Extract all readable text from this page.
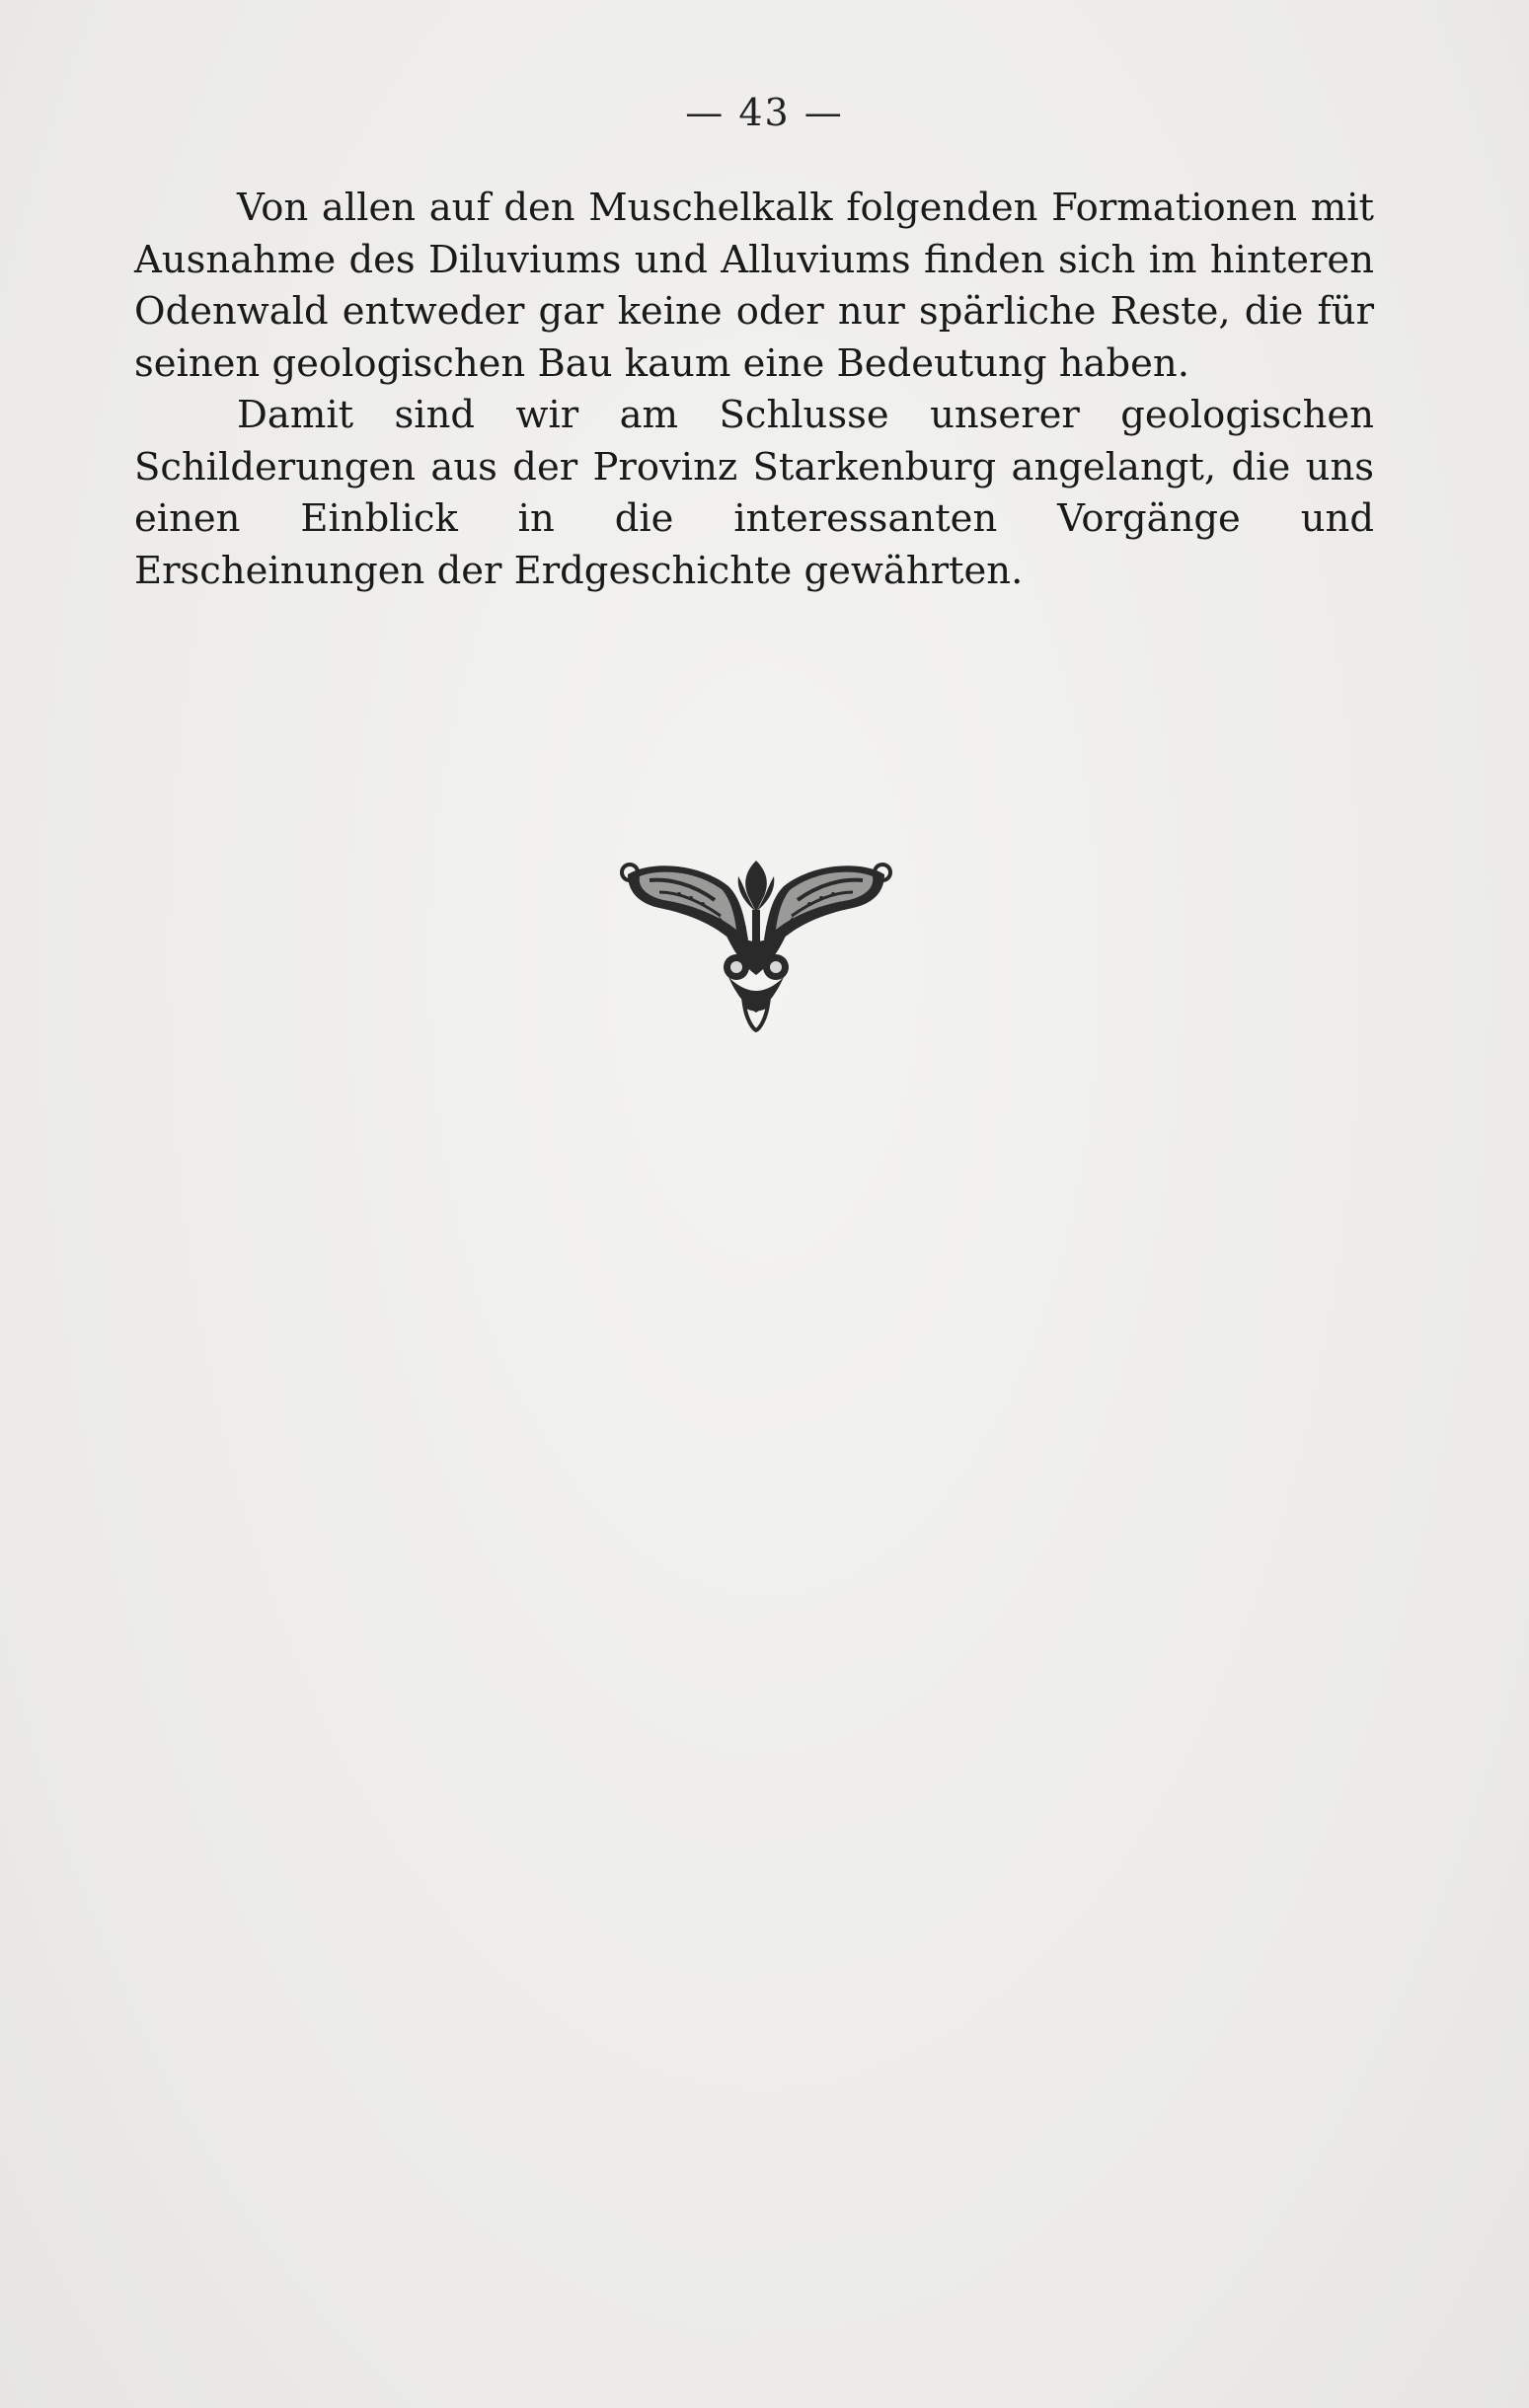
— 43 —

Von allen auf den Muschelkalk folgenden Formationen mit Ausnahme des Diluviums und Alluviums finden sich im hinteren Odenwald entweder gar keine oder nur spärliche Reste, die für seinen geologischen Bau kaum eine Bedeutung haben.

Damit sind wir am Schlusse unserer geologischen Schilderungen aus der Provinz Starkenburg angelangt, die uns einen Einblick in die interessanten Vorgänge und Erscheinungen der Erdgeschichte gewährten.
